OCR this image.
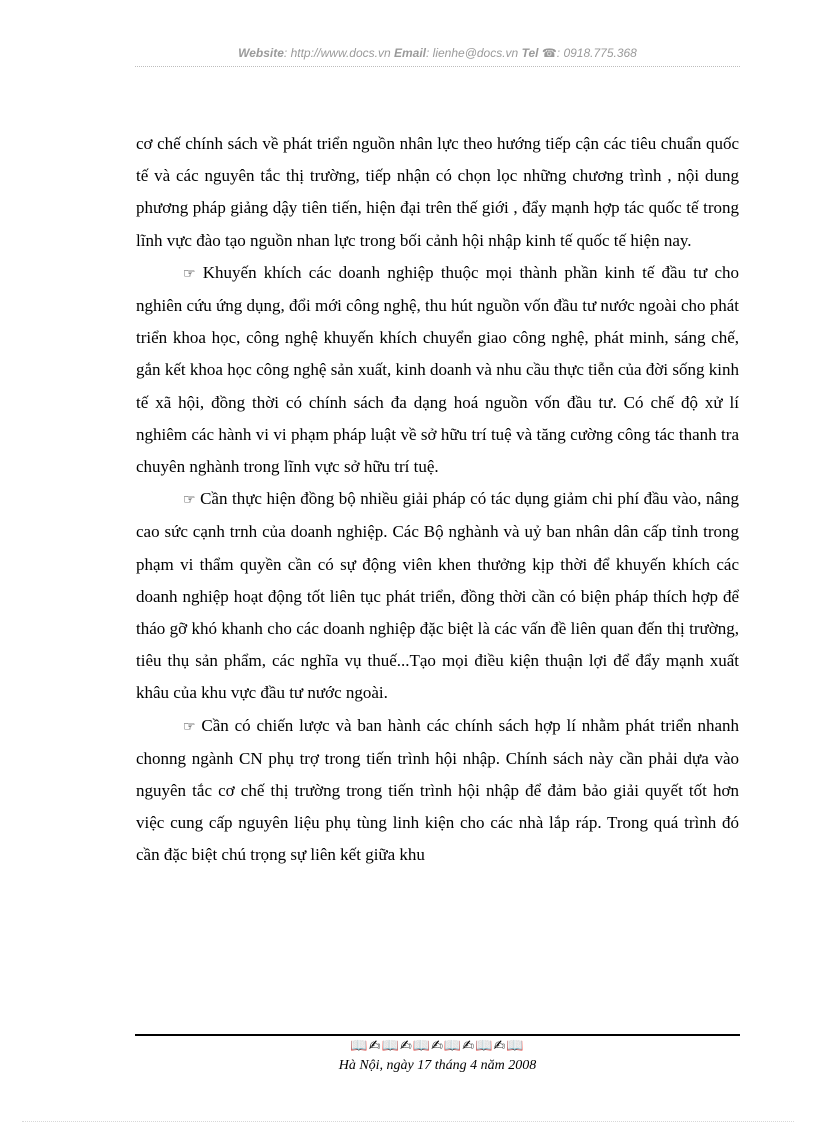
Website: http://www.docs.vn Email: lienhe@docs.vn Tel ☎: 0918.775.368

cơ chế chính sách về phát triển nguồn nhân lực theo hướng tiếp cận các tiêu chuẩn quốc tế và các nguyên tắc thị trường, tiếp nhận có chọn lọc những chương trình , nội dung phương pháp giảng dậy tiên tiến, hiện đại trên thế giới , đẩy mạnh hợp tác quốc tế trong lĩnh vực đào tạo nguồn nhan lực trong bối cảnh hội nhập kinh tế quốc tế hiện nay.

☞ Khuyến khích các doanh nghiệp thuộc mọi thành phần kinh tế đầu tư cho nghiên cứu ứng dụng, đổi mới công nghệ, thu hút nguồn vốn đầu tư nước ngoài cho phát triển khoa học, công nghệ khuyến khích chuyển giao công nghệ, phát minh, sáng chế, gắn kết khoa học công nghệ sản xuất, kinh doanh và nhu cầu thực tiễn của đời sống kinh tế xã hội, đồng thời có chính sách đa dạng hoá nguồn vốn đầu tư. Có chế độ xử lí nghiêm các hành vi vi phạm pháp luật về sở hữu trí tuệ và tăng cường công tác thanh tra chuyên nghành trong lĩnh vực sở hữu trí tuệ.

☞ Cần thực hiện đồng bộ nhiều giải pháp có tác dụng giảm chi phí đầu vào, nâng cao sức cạnh trnh của doanh nghiệp. Các Bộ nghành và uỷ ban nhân dân cấp tỉnh trong phạm vi thẩm quyền cần có sự động viên khen thưởng kịp thời để khuyến khích các doanh nghiệp hoạt động tốt liên tục phát triển, đồng thời cần có biện pháp thích hợp để tháo gỡ khó khanh cho các doanh nghiệp đặc biệt là các vấn đề liên quan đến thị trường, tiêu thụ sản phẩm, các nghĩa vụ thuế...Tạo mọi điều kiện thuận lợi để đẩy mạnh xuất khâu của khu vực đầu tư nước ngoài.

☞ Cần có chiến lược và ban hành các chính sách hợp lí nhằm phát triển nhanh chonng ngành CN phụ trợ trong tiến trình hội nhập. Chính sách này cần phải dựa vào nguyên tắc cơ chế thị trường trong tiến trình hội nhập để đảm bảo giải quyết tốt hơn việc cung cấp nguyên liệu phụ tùng linh kiện cho các nhà lắp ráp. Trong quá trình đó cần đặc biệt chú trọng sự liên kết giữa khu

📖✍📖✍📖✍📖✍📖✍📖
Hà Nội, ngày 17 tháng 4 năm 2008
